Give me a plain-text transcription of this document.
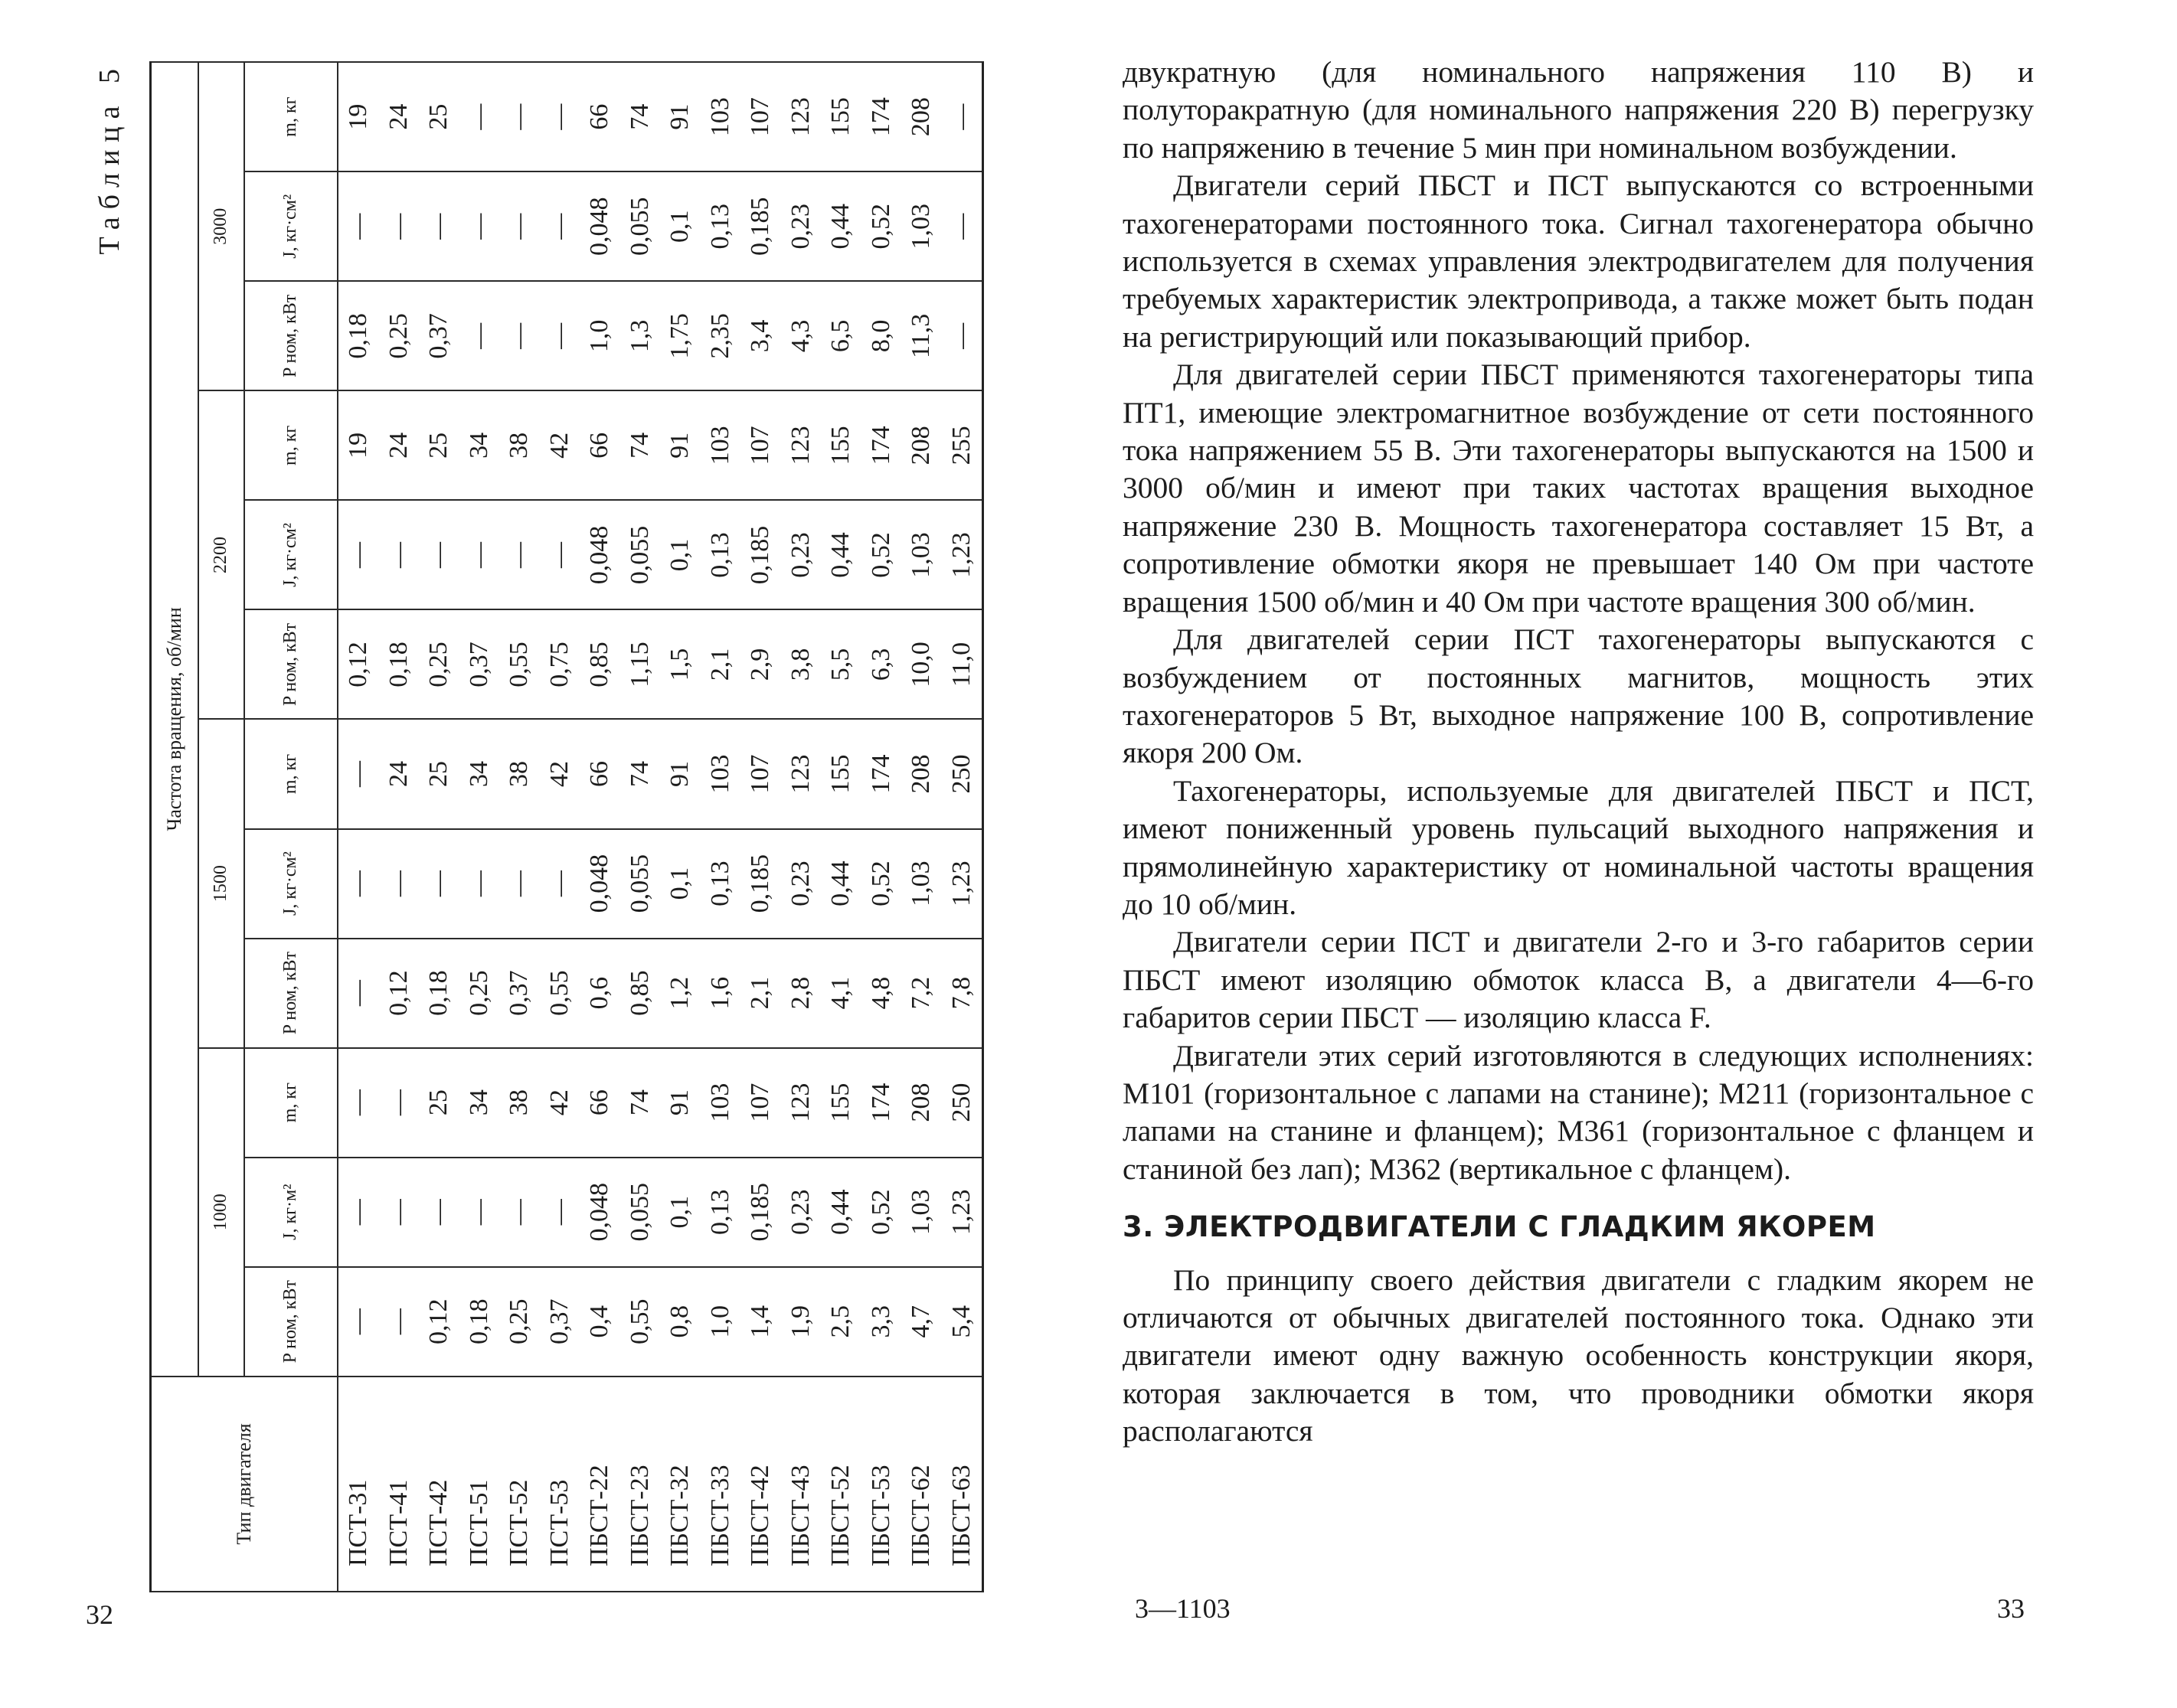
Таблица 5
Тип двигателя	Частота вращения, об/мин											
	1000			1500			2200			3000		
	P ном, кВт	J, кг·м²	m, кг	P ном, кВт	J, кг·см²	m, кг	P ном, кВт	J, кг·см²	m, кг	P ном, кВт	J, кг·см²	m, кг
ПСТ-31	—	—	—	—	—	—	0,12	—	19	0,18	—	19
ПСТ-41	—	—	—	0,12	—	24	0,18	—	24	0,25	—	24
ПСТ-42	0,12	—	25	0,18	—	25	0,25	—	25	0,37	—	25
ПСТ-51	0,18	—	34	0,25	—	34	0,37	—	34	—	—	—
ПСТ-52	0,25	—	38	0,37	—	38	0,55	—	38	—	—	—
ПСТ-53	0,37	—	42	0,55	—	42	0,75	—	42	—	—	—
ПБСТ-22	0,4	0,048	66	0,6	0,048	66	0,85	0,048	66	1,0	0,048	66
ПБСТ-23	0,55	0,055	74	0,85	0,055	74	1,15	0,055	74	1,3	0,055	74
ПБСТ-32	0,8	0,1	91	1,2	0,1	91	1,5	0,1	91	1,75	0,1	91
ПБСТ-33	1,0	0,13	103	1,6	0,13	103	2,1	0,13	103	2,35	0,13	103
ПБСТ-42	1,4	0,185	107	2,1	0,185	107	2,9	0,185	107	3,4	0,185	107
ПБСТ-43	1,9	0,23	123	2,8	0,23	123	3,8	0,23	123	4,3	0,23	123
ПБСТ-52	2,5	0,44	155	4,1	0,44	155	5,5	0,44	155	6,5	0,44	155
ПБСТ-53	3,3	0,52	174	4,8	0,52	174	6,3	0,52	174	8,0	0,52	174
ПБСТ-62	4,7	1,03	208	7,2	1,03	208	10,0	1,03	208	11,3	1,03	208
ПБСТ-63	5,4	1,23	250	7,8	1,23	250	11,0	1,23	255	—	—	—
32

двукратную (для номинального напряжения 110 В) и полуторакратную (для номинального напряжения 220 В) перегрузку по напряжению в течение 5 мин при номинальном возбуждении.

Двигатели серий ПБСТ и ПСТ выпускаются со встроенными тахогенераторами постоянного тока. Сигнал тахогенератора обычно используется в схемах управления электродвигателем для получения требуемых характеристик электропривода, а также может быть подан на регистрирующий или показывающий прибор.

Для двигателей серии ПБСТ применяются тахогенераторы типа ПТ1, имеющие электромагнитное возбуждение от сети постоянного тока напряжением 55 В. Эти тахогенераторы выпускаются на 1500 и 3000 об/мин и имеют при таких частотах вращения выходное напряжение 230 В. Мощность тахогенератора составляет 15 Вт, а сопротивление обмотки якоря не превышает 140 Ом при частоте вращения 1500 об/мин и 40 Ом при частоте вращения 300 об/мин.

Для двигателей серии ПСТ тахогенераторы выпускаются с возбуждением от постоянных магнитов, мощность этих тахогенераторов 5 Вт, выходное напряжение 100 В, сопротивление якоря 200 Ом.

Тахогенераторы, используемые для двигателей ПБСТ и ПСТ, имеют пониженный уровень пульсаций выходного напряжения и прямолинейную характеристику от номинальной частоты вращения до 10 об/мин.

Двигатели серии ПСТ и двигатели 2-го и 3-го габаритов серии ПБСТ имеют изоляцию обмоток класса В, а двигатели 4—6-го габаритов серии ПБСТ — изоляцию класса F.

Двигатели этих серий изготовляются в следующих исполнениях: M101 (горизонтальное с лапами на станине); M211 (горизонтальное с лапами на станине и фланцем); M361 (горизонтальное с фланцем и станиной без лап); M362 (вертикальное с фланцем).

3. ЭЛЕКТРОДВИГАТЕЛИ С ГЛАДКИМ ЯКОРЕМ

По принципу своего действия двигатели с гладким якорем не отличаются от обычных двигателей постоянного тока. Однако эти двигатели имеют одну важную особенность конструкции якоря, которая заключается в том, что проводники обмотки якоря располагаются

3—1103	33
